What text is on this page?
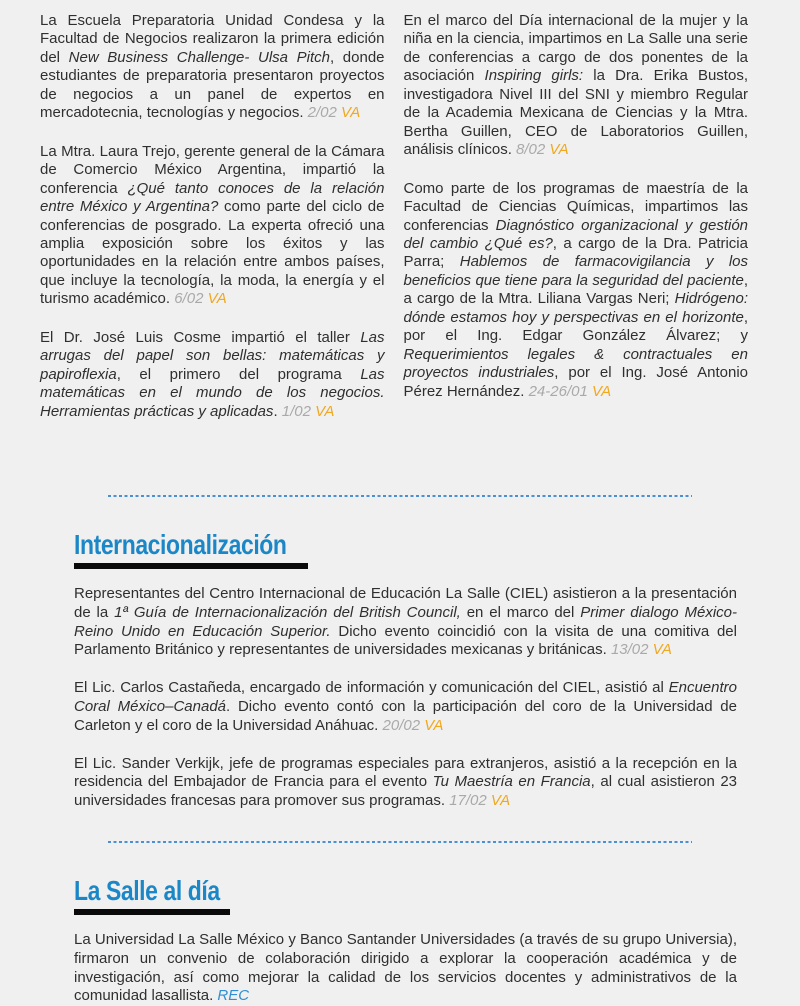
La Escuela Preparatoria Unidad Condesa y la Facultad de Negocios realizaron la primera edición del New Business Challenge- Ulsa Pitch, donde estudiantes de preparatoria presentaron proyectos de negocios a un panel de expertos en mercadotecnia, tecnologías y negocios. 2/02 VA

La Mtra. Laura Trejo, gerente general de la Cámara de Comercio México Argentina, impartió la conferencia ¿Qué tanto conoces de la relación entre México y Argentina? como parte del ciclo de conferencias de posgrado. La experta ofreció una amplia exposición sobre los éxitos y las oportunidades en la relación entre ambos países, que incluye la tecnología, la moda, la energía y el turismo académico. 6/02 VA

El Dr. José Luis Cosme impartió el taller Las arrugas del papel son bellas: matemáticas y papiroflexia, el primero del programa Las matemáticas en el mundo de los negocios. Herramientas prácticas y aplicadas. 1/02 VA

En el marco del Día internacional de la mujer y la niña en la ciencia, impartimos en La Salle una serie de conferencias a cargo de dos ponentes de la asociación Inspiring girls: la Dra. Erika Bustos, investigadora Nivel III del SNI y miembro Regular de la Academia Mexicana de Ciencias y la Mtra. Bertha Guillen, CEO de Laboratorios Guillen, análisis clínicos. 8/02 VA

Como parte de los programas de maestría de la Facultad de Ciencias Químicas, impartimos las conferencias Diagnóstico organizacional y gestión del cambio ¿Qué es?, a cargo de la Dra. Patricia Parra; Hablemos de farmacovigilancia y los beneficios que tiene para la seguridad del paciente, a cargo de la Mtra. Liliana Vargas Neri; Hidrógeno: dónde estamos hoy y perspectivas en el horizonte, por el Ing. Edgar González Álvarez; y Requerimientos legales & contractuales en proyectos industriales, por el Ing. José Antonio Pérez Hernández. 24-26/01 VA

Internacionalización

Representantes del Centro Internacional de Educación La Salle (CIEL) asistieron a la presentación de la 1ª Guía de Internacionalización del British Council, en el marco del Primer dialogo México-Reino Unido en Educación Superior. Dicho evento coincidió con la visita de una comitiva del Parlamento Británico y representantes de universidades mexicanas y británicas. 13/02 VA

El Lic. Carlos Castañeda, encargado de información y comunicación del CIEL, asistió al Encuentro Coral México–Canadá. Dicho evento contó con la participación del coro de la Universidad de Carleton y el coro de la Universidad Anáhuac. 20/02 VA

El Lic. Sander Verkijk, jefe de programas especiales para extranjeros, asistió a la recepción en la residencia del Embajador de Francia para el evento Tu Maestría en Francia, al cual asistieron 23 universidades francesas para promover sus programas. 17/02 VA

La Salle al día

La Universidad La Salle México y Banco Santander Universidades (a través de su grupo Universia), firmaron un convenio de colaboración dirigido a explorar la cooperación académica y de investigación, así como mejorar la calidad de los servicios docentes y administrativos de la comunidad lasallista. REC
